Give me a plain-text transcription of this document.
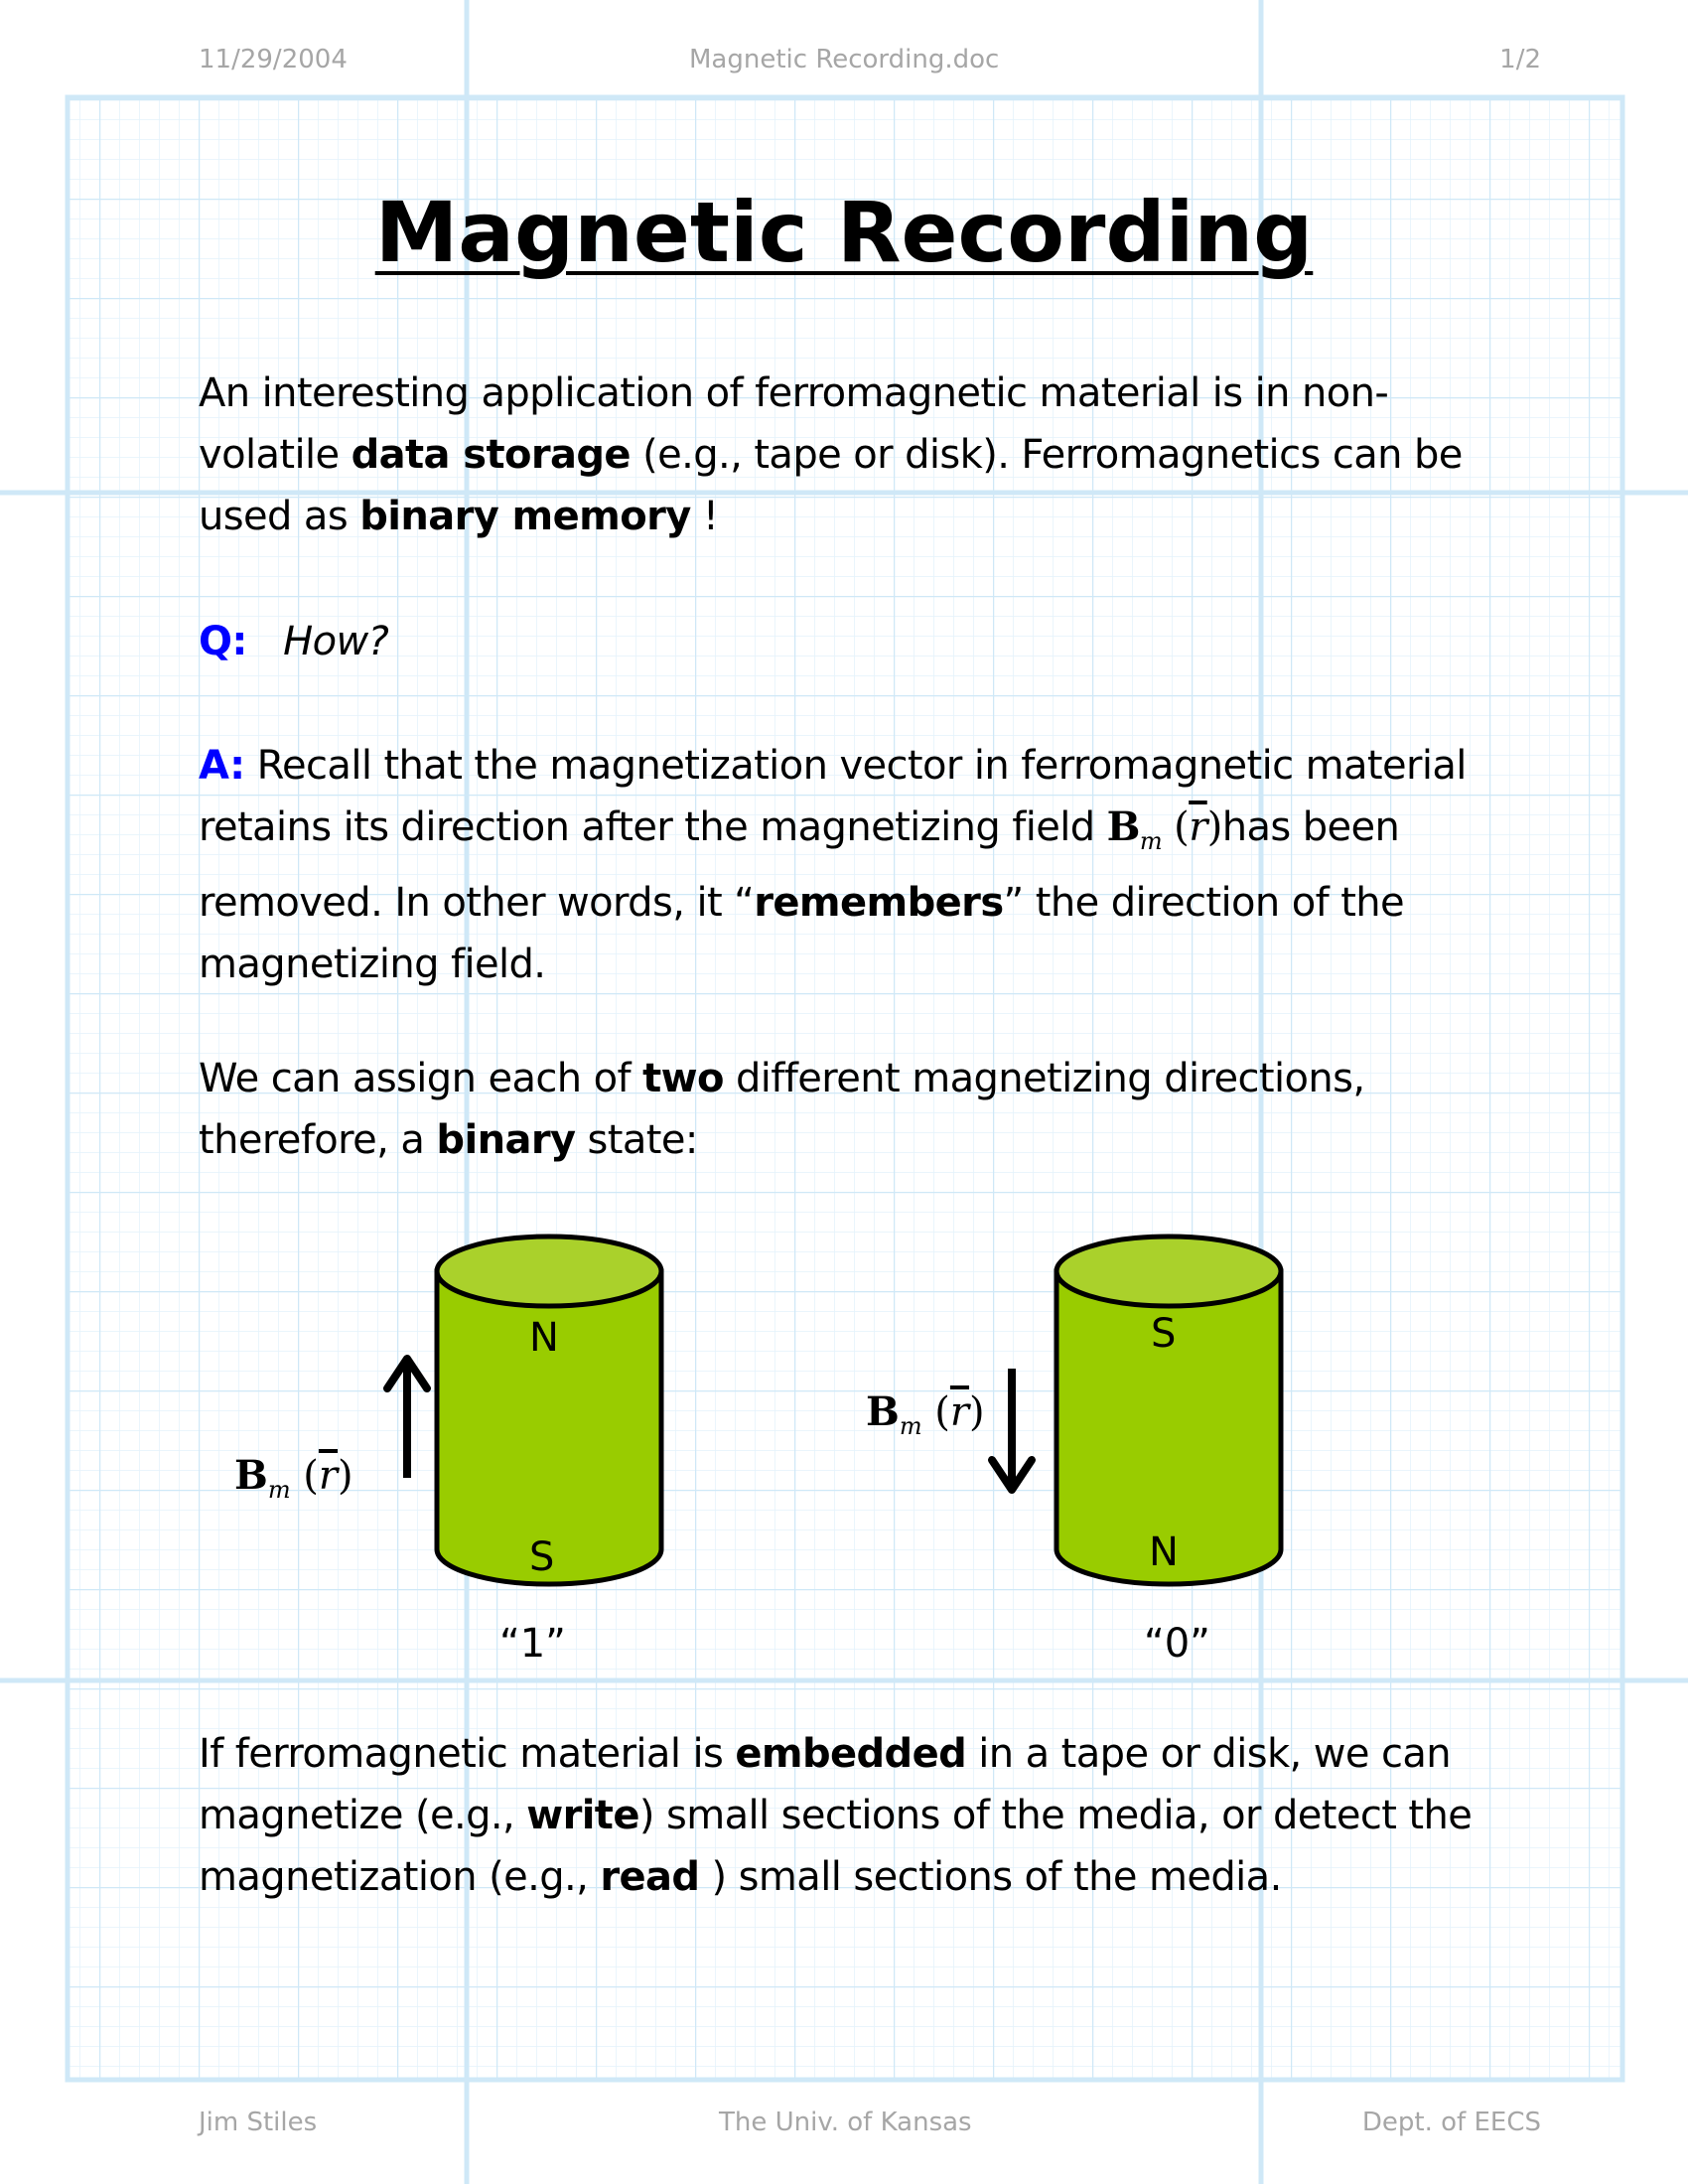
11/29/2004	Magnetic Recording.doc	1/2
Magnetic Recording
An interesting application of ferromagnetic material is in non-volatile data storage (e.g., tape or disk). Ferromagnetics can be used as binary memory !
Q: How?
A: Recall that the magnetization vector in ferromagnetic material retains its direction after the magnetizing field $B_m$ $(\overline{r})has$ been removed. In other words, it “remembers” the direction of the magnetizing field.
We can assign each of two different magnetizing directions, therefore, a binary state:
N
S
S
N
$B_m$ $(\overline{r})$
$B_m$ $(\overline{r})$
“1”	“0”
If ferromagnetic material is embedded in a tape or disk, we can magnetize (e.g., write) small sections of the media, or detect the magnetization (e.g., read ) small sections of the media.
Jim Stiles	The Univ. of Kansas	Dept. of EECS
